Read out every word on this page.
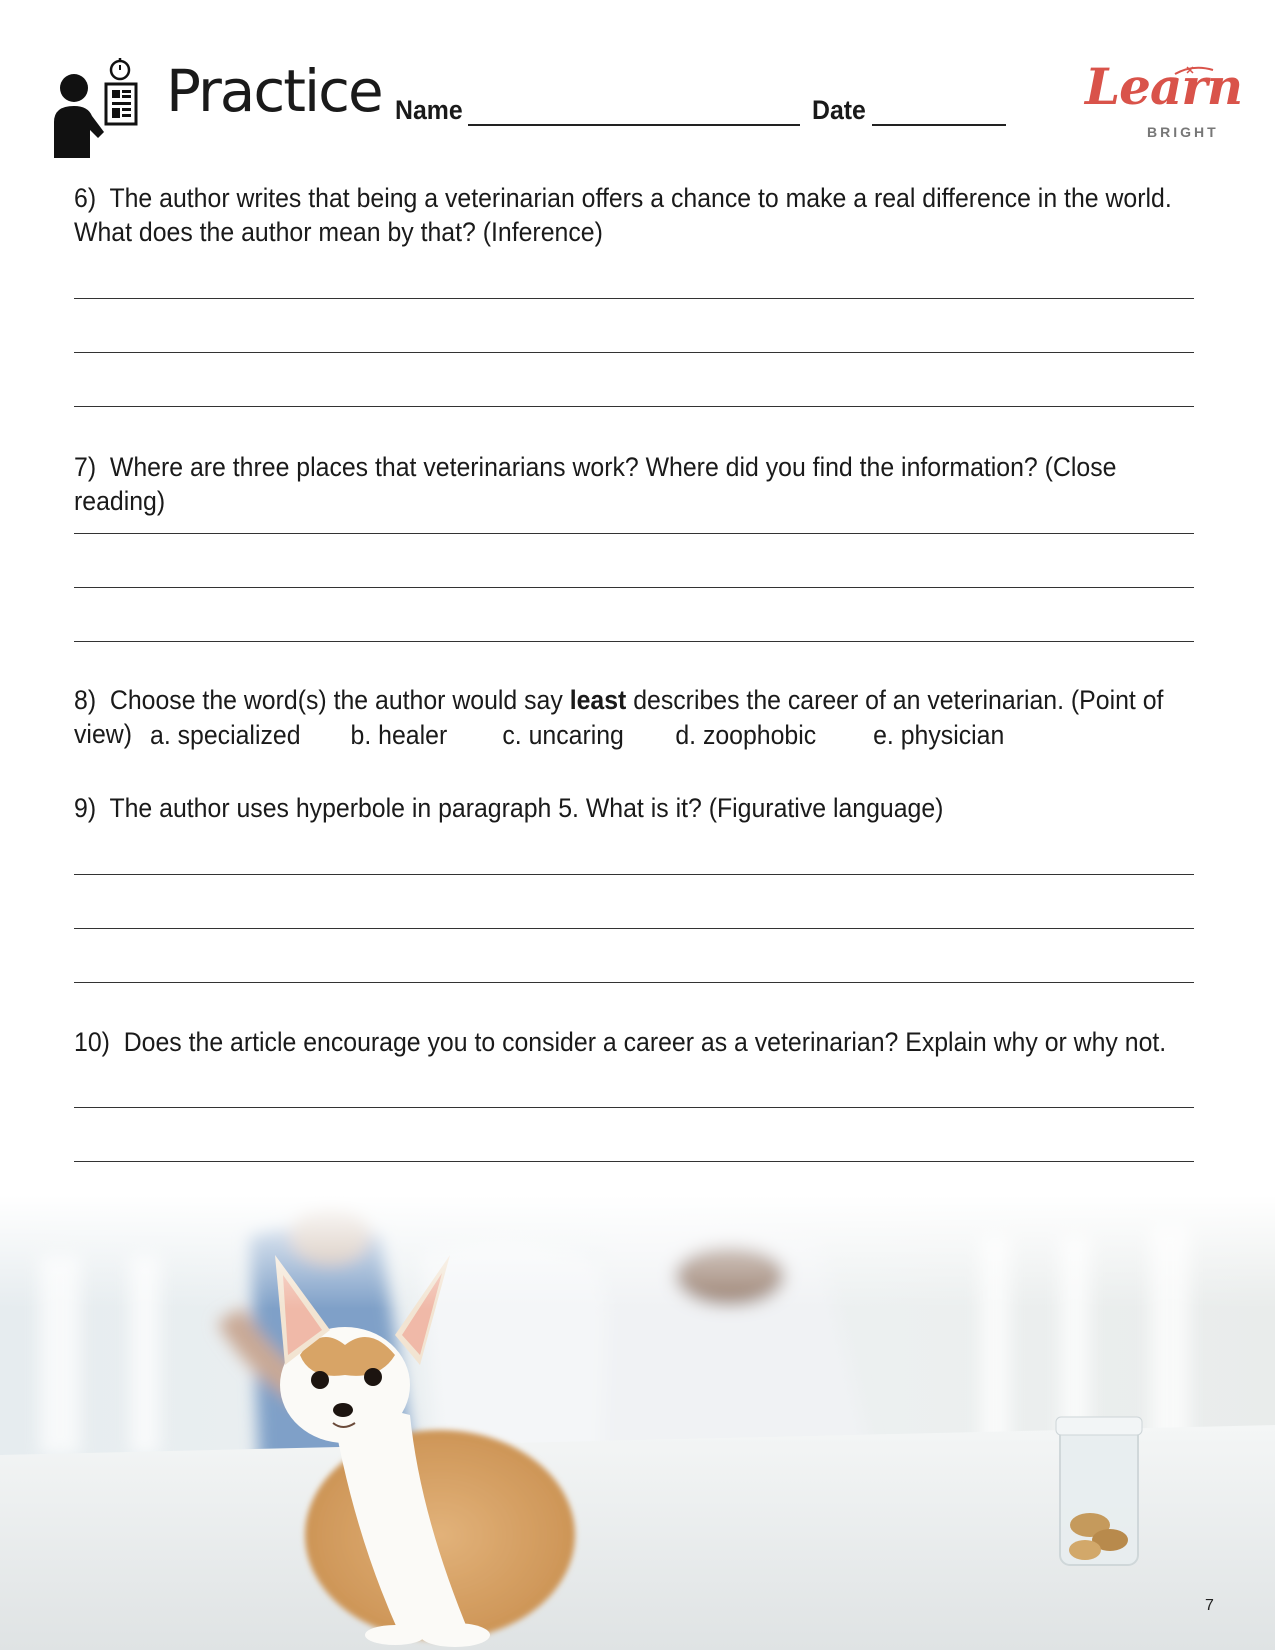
Practice Name	Date	Learn
BRIGHT
6) The author writes that being a veterinarian offers a chance to make a real difference in the world. What does the author mean by that? (Inference)
7) Where are three places that veterinarians work? Where did you find the information? (Close reading)
8) Choose the word(s) the author would say least describes the career of an veterinarian. (Point of view) a. specialized b. healer c. uncaring d. zoophobic e. physician
9) The author uses hyperbole in paragraph 5. What is it? (Figurative language)
10) Does the article encourage you to consider a career as a veterinarian? Explain why or why not.
7
